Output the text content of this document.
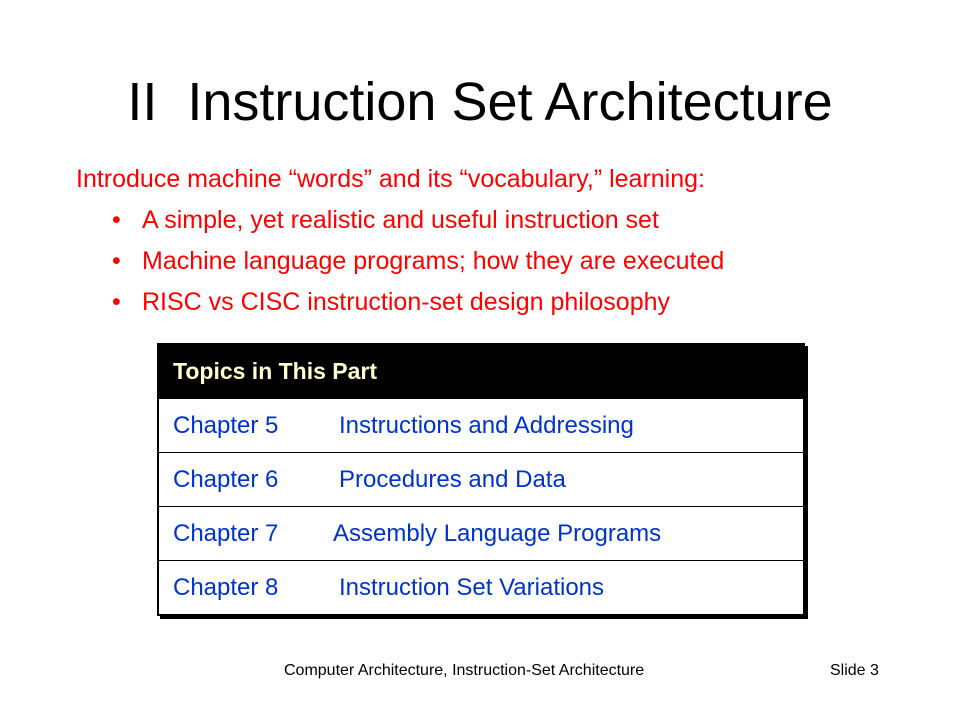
II  Instruction Set Architecture

Introduce machine “words” and its “vocabulary,” learning:

• A simple, yet realistic and useful instruction set
• Machine language programs; how they are executed
• RISC vs CISC instruction-set design philosophy
Topics in This Part
Chapter 5	Instructions and Addressing
Chapter 6	Procedures and Data
Chapter 7	Assembly Language Programs
Chapter 8	Instruction Set Variations
Computer Architecture, Instruction-Set Architecture	Slide 3
